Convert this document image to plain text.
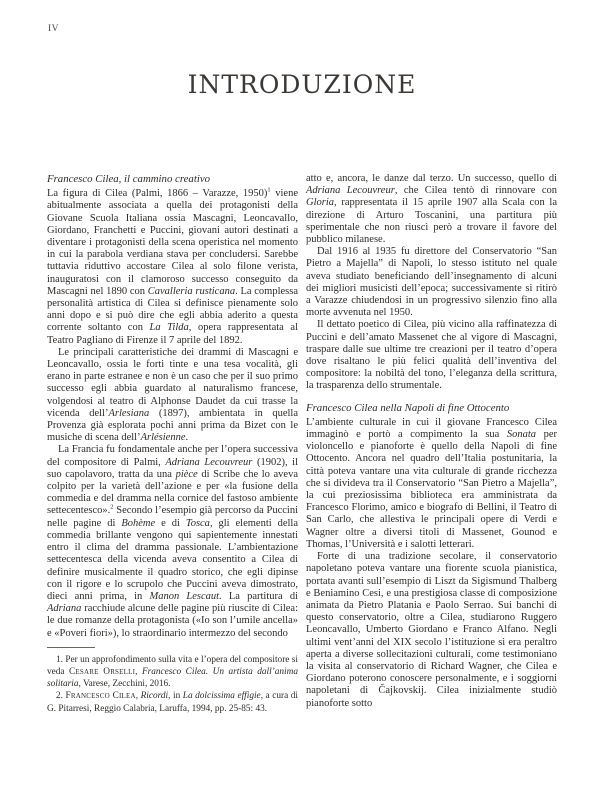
IV
INTRODUZIONE

Francesco Cilea, il cammino creativo

La figura di Cilea (Palmi, 1866 – Varazze, 1950)$^1$ viene abitualmente associata a quella dei protagonisti della Giovane Scuola Italiana ossia Mascagni, Leoncavallo, Giordano, Franchetti e Puccini, giovani autori destinati a diventare i protagonisti della scena operistica nel momento in cui la parabola verdiana stava per concludersi. Sarebbe tuttavia riduttivo accostare Cilea al solo filone verista, inauguratosi con il clamoroso successo conseguito da Mascagni nel 1890 con Cavalleria rusticana. La complessa personalità artistica di Cilea si definisce pienamente solo anni dopo e si può dire che egli abbia aderito a questa corrente soltanto con La Tilda, opera rappresentata al Teatro Pagliano di Firenze il 7 aprile del 1892.

Le principali caratteristiche dei drammi di Mascagni e Leoncavallo, ossia le forti tinte e una tesa vocalità, gli erano in parte estranee e non è un caso che per il suo primo successo egli abbia guardato al naturalismo francese, volgendosi al teatro di Alphonse Daudet da cui trasse la vicenda dell’Arlesiana (1897), ambientata in quella Provenza già esplorata pochi anni prima da Bizet con le musiche di scena dell’Arlésienne.

La Francia fu fondamentale anche per l’opera successiva del compositore di Palmi, Adriana Lecouvreur (1902), il suo capolavoro, tratta da una pièce di Scribe che lo aveva colpito per la varietà dell’azione e per «la fusione della commedia e del dramma nella cornice del fastoso ambiente settecentesco».$^2$ Secondo l’esempio già percorso da Puccini nelle pagine di Bohème e di Tosca, gli elementi della commedia brillante vengono qui sapientemente innestati entro il clima del dramma passionale. L’ambientazione settecentesca della vicenda aveva consentito a Cilea di definire musicalmente il quadro storico, che egli dipinse con il rigore e lo scrupolo che Puccini aveva dimostrato, dieci anni prima, in Manon Lescaut. La partitura di Adriana racchiude alcune delle pagine più riuscite di Cilea: le due romanze della protagonista («Io son l’umile ancella» e «Poveri fiori»), lo straordinario intermezzo del secondo

1. Per un approfondimento sulla vita e l’opera del compositore si veda Cesare Orselli, Francesco Cilea. Un artista dall’anima solitaria, Varese, Zecchini, 2016.

2. Francesco Cilea, Ricordi, in La dolcissima effigie, a cura di G. Pitarresi, Reggio Calabria, Laruffa, 1994, pp. 25-85: 43.

atto e, ancora, le danze dal terzo. Un successo, quello di Adriana Lecouvreur, che Cilea tentò di rinnovare con Gloria, rappresentata il 15 aprile 1907 alla Scala con la direzione di Arturo Toscanini, una partitura più sperimentale che non riuscì però a trovare il favore del pubblico milanese.

Dal 1916 al 1935 fu direttore del Conservatorio “San Pietro a Majella” di Napoli, lo stesso istituto nel quale aveva studiato beneficiando dell’insegnamento di alcuni dei migliori musicisti dell’epoca; successivamente si ritirò a Varazze chiudendosi in un progressivo silenzio fino alla morte avvenuta nel 1950.

Il dettato poetico di Cilea, più vicino alla raffinatezza di Puccini e dell’amato Massenet che al vigore di Mascagni, traspare dalle sue ultime tre creazioni per il teatro d’opera dove risaltano le più felici qualità dell’inventiva del compositore: la nobiltà del tono, l’eleganza della scrittura, la trasparenza dello strumentale.

Francesco Cilea nella Napoli di fine Ottocento

L’ambiente culturale in cui il giovane Francesco Cilea immaginò e portò a compimento la sua Sonata per violoncello e pianoforte è quello della Napoli di fine Ottocento. Ancora nel quadro dell’Italia postunitaria, la città poteva vantare una vita culturale di grande ricchezza che si divideva tra il Conservatorio “San Pietro a Majella”, la cui preziosissima biblioteca era amministrata da Francesco Florimo, amico e biografo di Bellini, il Teatro di San Carlo, che allestiva le principali opere di Verdi e Wagner oltre a diversi titoli di Massenet, Gounod e Thomas, l’Università e i salotti letterari.

Forte di una tradizione secolare, il conservatorio napoletano poteva vantare una fiorente scuola pianistica, portata avanti sull’esempio di Liszt da Sigismund Thalberg e Beniamino Cesi, e una prestigiosa classe di composizione animata da Pietro Platania e Paolo Serrao. Sui banchi di questo conservatorio, oltre a Cilea, studiarono Ruggero Leoncavallo, Umberto Giordano e Franco Alfano. Negli ultimi vent’anni del XIX secolo l’istituzione si era peraltro aperta a diverse sollecitazioni culturali, come testimoniano la visita al conservatorio di Richard Wagner, che Cilea e Giordano poterono conoscere personalmente, e i soggiorni napoletani di Čajkovskij. Cilea inizialmente studiò pianoforte sotto
